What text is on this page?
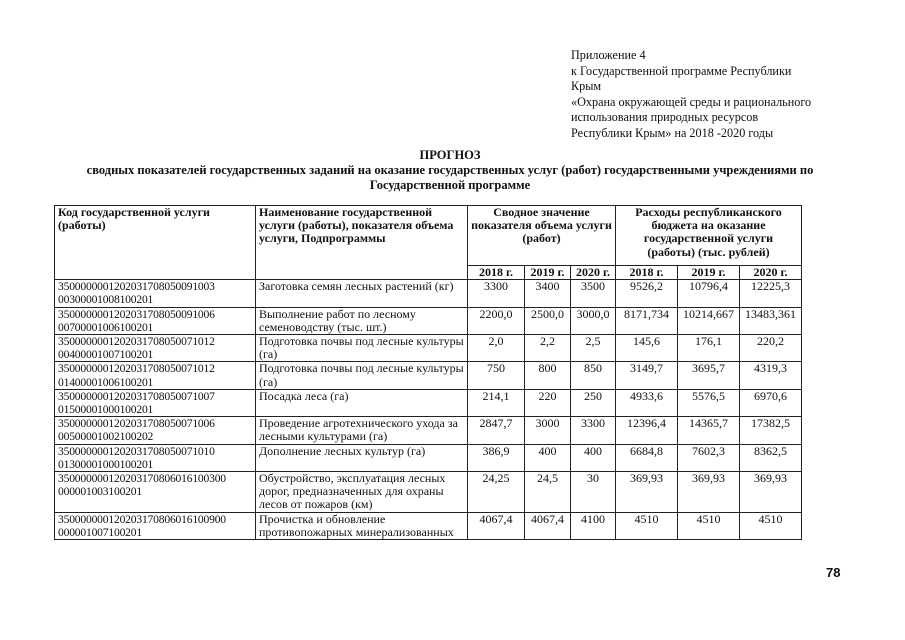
Приложение 4
к Государственной программе Республики
Крым
«Охрана окружающей среды и рационального
использования природных ресурсов
Республики Крым» на 2018 -2020 годы
ПРОГНОЗ
сводных показателей государственных заданий на оказание государственных услуг (работ) государственными учреждениями по
Государственной программе
Код государственной услуги (работы)	Наименование государственной услуги (работы), показателя объема услуги, Подпрограммы	Сводное значение показателя объема услуги (работ)			Расходы республиканского бюджета на оказание государственной услуги (работы) (тыс. рублей)		
		2018 г.	2019 г.	2020 г.	2018 г.	2019 г.	2020 г.

3500000001202031708050091003
00300001008100201	Заготовка семян лесных растений (кг)	3300	3400	3500	9526,2	10796,4	12225,3

3500000001202031708050091006
00700001006100201	Выполнение работ по лесному семеноводству (тыс. шт.)	2200,0	2500,0	3000,0	8171,734	10214,667	13483,361

3500000001202031708050071012
00400001007100201	Подготовка почвы под лесные культуры (га)	2,0	2,2	2,5	145,6	176,1	220,2

3500000001202031708050071012
01400001006100201	Подготовка почвы под лесные культуры (га)	750	800	850	3149,7	3695,7	4319,3

3500000001202031708050071007
01500001000100201	Посадка леса (га)	214,1	220	250	4933,6	5576,5	6970,6

3500000001202031708050071006
00500001002100202	Проведение агротехнического ухода за лесными культурами (га)	2847,7	3000	3300	12396,4	14365,7	17382,5

3500000001202031708050071010
01300001000100201	Дополнение лесных культур (га)	386,9	400	400	6684,8	7602,3	8362,5

35000000012020317080601610030​0
000001003100201	Обустройство, эксплуатация лесных дорог, предназначенных для охраны лесов от пожаров (км)	24,25	24,5	30	369,93	369,93	369,93

350000000120203170806016100900
000001007100201	Прочистка и обновление противопожарных минерализованных	4067,4	4067,4	4100	4510	4510	4510
78
